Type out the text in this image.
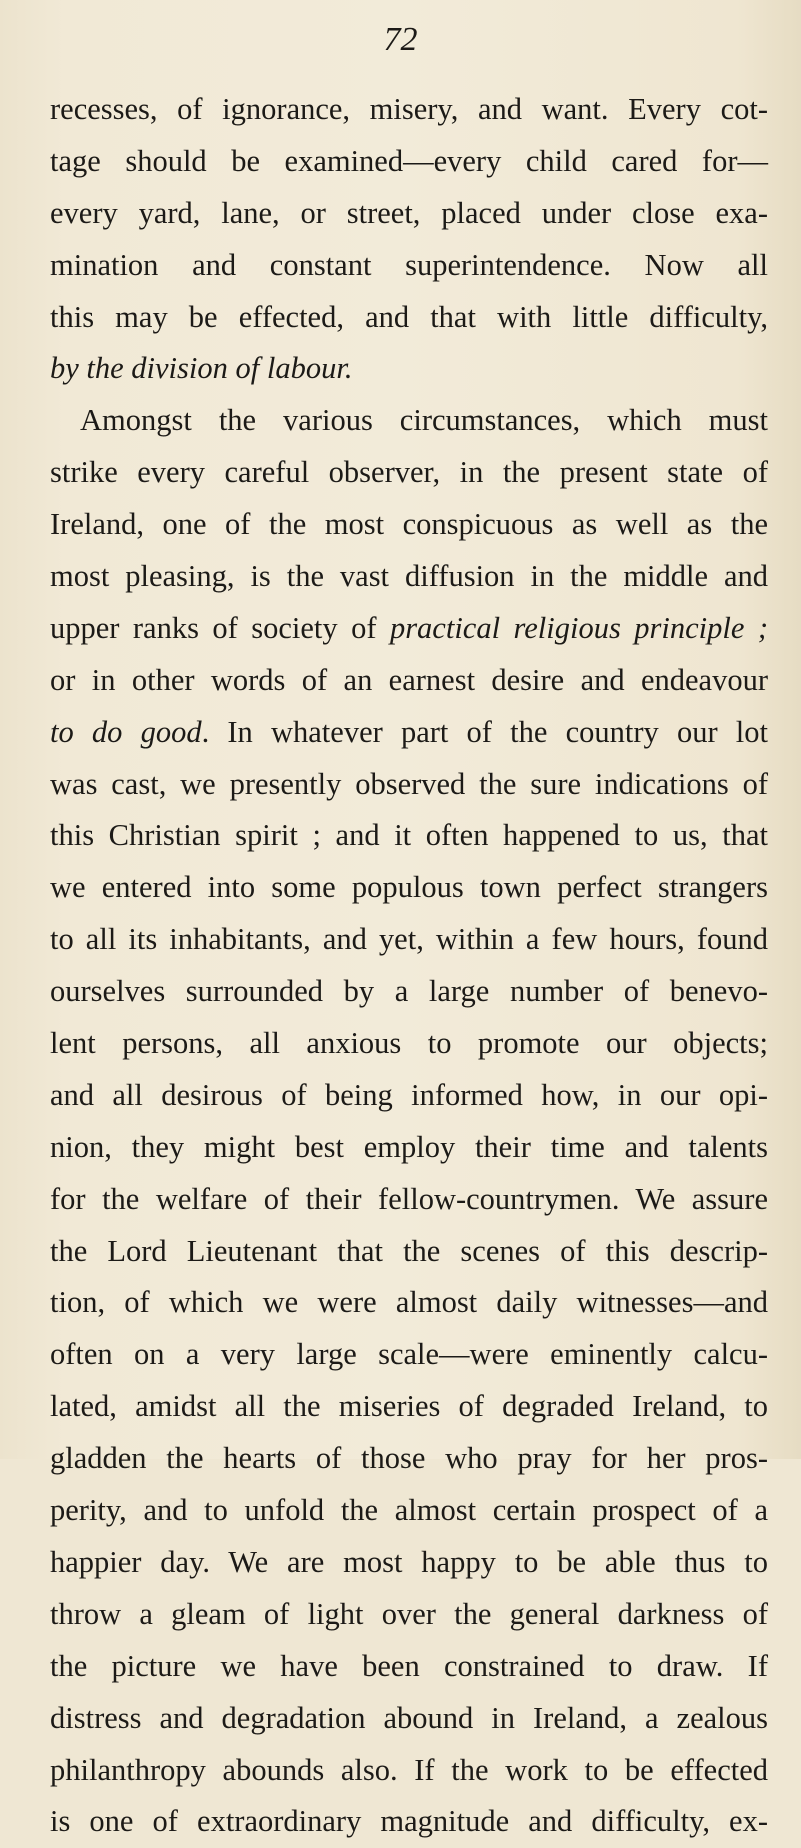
72
recesses, of ignorance, misery, and want. Every cot-
tage should be examined—every child cared for—
every yard, lane, or street, placed under close exa-
mination and constant superintendence. Now all
this may be effected, and that with little difficulty,
by the division of labour.
Amongst the various circumstances, which must
strike every careful observer, in the present state of
Ireland, one of the most conspicuous as well as the
most pleasing, is the vast diffusion in the middle and
upper ranks of society of practical religious principle ;
or in other words of an earnest desire and endeavour
to do good. In whatever part of the country our lot
was cast, we presently observed the sure indications of
this Christian spirit ; and it often happened to us, that
we entered into some populous town perfect strangers
to all its inhabitants, and yet, within a few hours, found
ourselves surrounded by a large number of benevo-
lent persons, all anxious to promote our objects;
and all desirous of being informed how, in our opi-
nion, they might best employ their time and talents
for the welfare of their fellow-countrymen. We assure
the Lord Lieutenant that the scenes of this descrip-
tion, of which we were almost daily witnesses—and
often on a very large scale—were eminently calcu-
lated, amidst all the miseries of degraded Ireland, to
gladden the hearts of those who pray for her pros-
perity, and to unfold the almost certain prospect of a
happier day. We are most happy to be able thus to
throw a gleam of light over the general darkness of
the picture we have been constrained to draw. If
distress and degradation abound in Ireland, a zealous
philanthropy abounds also. If the work to be effected
is one of extraordinary magnitude and difficulty, ex-
